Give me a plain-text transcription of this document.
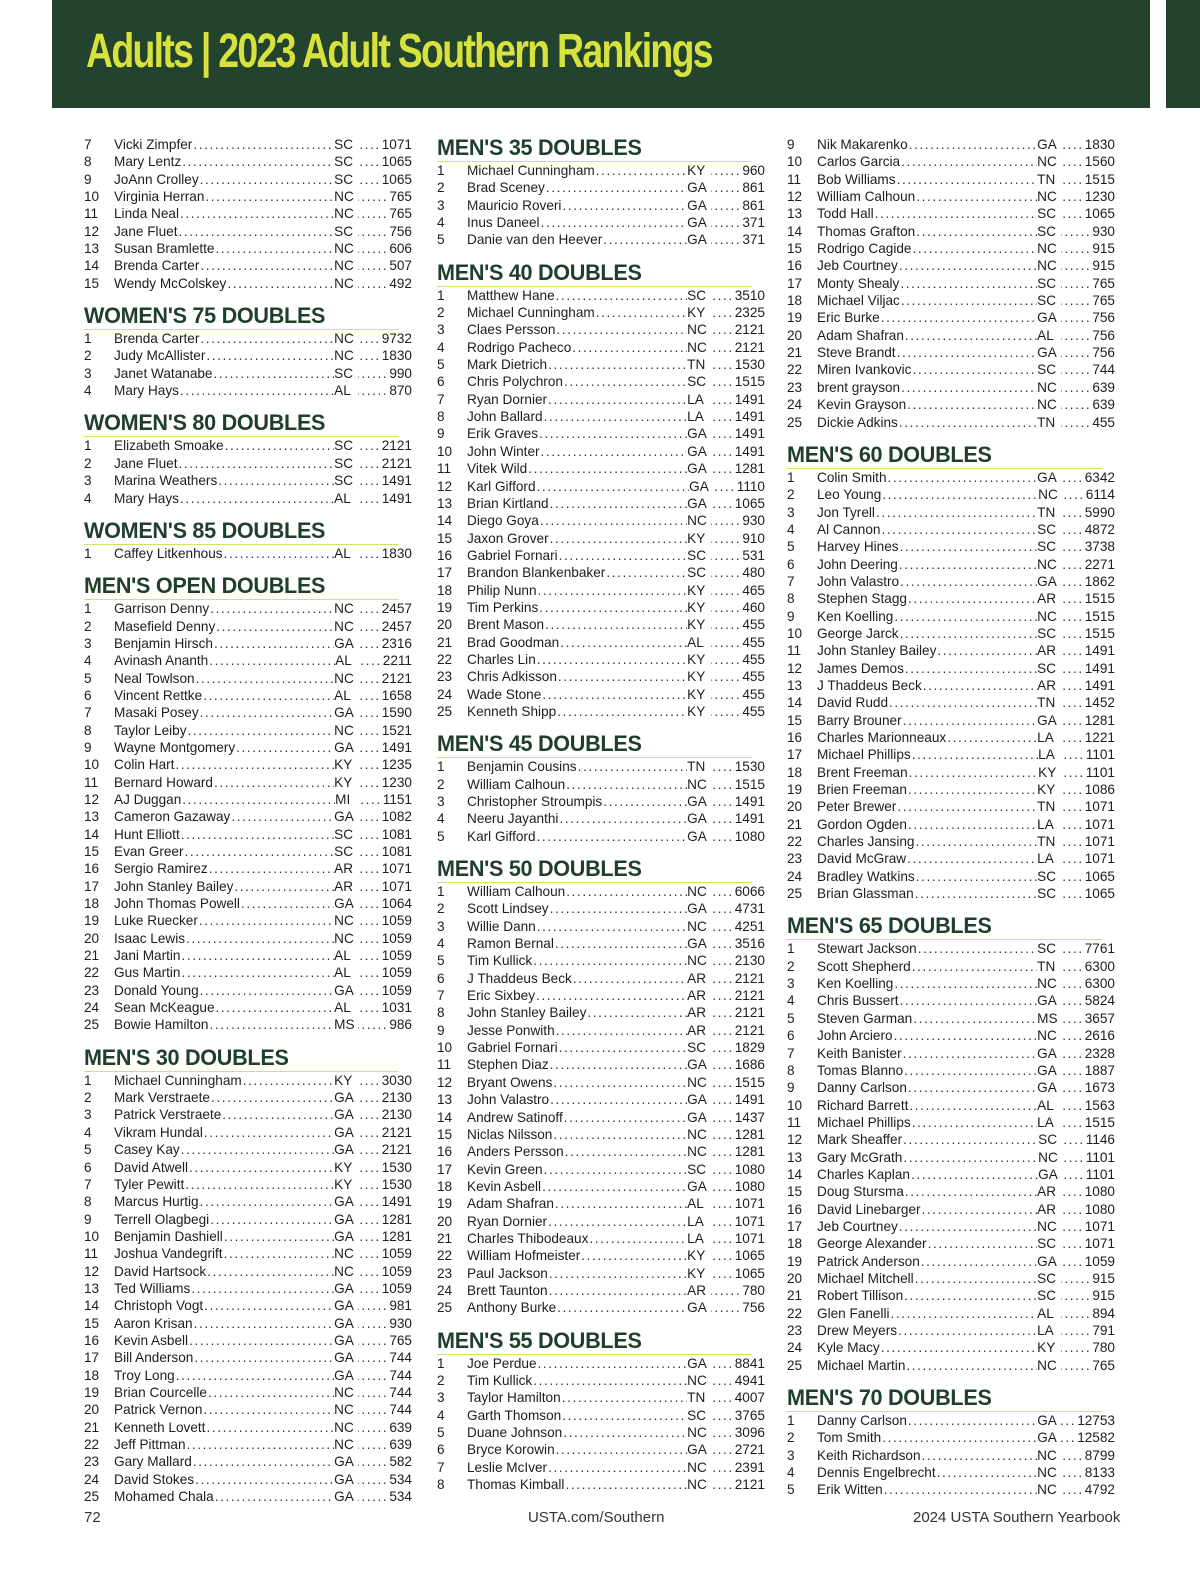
Adults | 2023 Adult Southern Rankings
7	Vicki Zimpfer .....	SC .....	1071
8	Mary Lentz .....	SC .....	1065
9	JoAnn Crolley .....	SC .....	1065
10	Virginia Herran .....	NC .....	765
11	Linda Neal .....	NC .....	765
12	Jane Fluet .....	SC .....	756
13	Susan Bramlette .....	NC .....	606
14	Brenda Carter .....	NC .....	507
15	Wendy McColskey .....	NC .....	492
WOMEN'S 75 DOUBLES
1	Brenda Carter .....	NC .....	9732
2	Judy McAllister .....	NC .....	1830
3	Janet Watanabe .....	SC .....	990
4	Mary Hays .....	AL .....	870
WOMEN'S 80 DOUBLES
1	Elizabeth Smoake .....	SC .....	2121
2	Jane Fluet .....	SC .....	2121
3	Marina Weathers .....	SC .....	1491
4	Mary Hays .....	AL .....	1491
WOMEN'S 85 DOUBLES
1	Caffey Litkenhous .....	AL .....	1830
MEN'S OPEN DOUBLES
1	Garrison Denny .....	NC .....	2457
2	Masefield Denny .....	NC .....	2457
3	Benjamin Hirsch .....	GA .....	2316
4	Avinash Ananth .....	AL .....	2211
5	Neal Towlson .....	NC .....	2121
6	Vincent Rettke .....	AL .....	1658
7	Masaki Posey .....	GA .....	1590
8	Taylor Leiby .....	NC .....	1521
9	Wayne Montgomery .....	GA .....	1491
10	Colin Hart .....	KY .....	1235
11	Bernard Howard .....	KY .....	1230
12	AJ Duggan .....	MI .....	1151
13	Cameron Gazaway .....	GA .....	1082
14	Hunt Elliott .....	SC .....	1081
15	Evan Greer .....	SC .....	1081
16	Sergio Ramirez .....	AR .....	1071
17	John Stanley Bailey .....	AR .....	1071
18	John Thomas Powell .....	GA .....	1064
19	Luke Ruecker .....	NC .....	1059
20	Isaac Lewis .....	NC .....	1059
21	Jani Martin .....	AL .....	1059
22	Gus Martin .....	AL .....	1059
23	Donald Young .....	GA .....	1059
24	Sean McKeague .....	AL .....	1031
25	Bowie Hamilton .....	MS .....	986
MEN'S 30 DOUBLES
1	Michael Cunningham .....	KY .....	3030
2	Mark Verstraete .....	GA .....	2130
3	Patrick Verstraete .....	GA .....	2130
4	Vikram Hundal .....	GA .....	2121
5	Casey Kay .....	GA .....	2121
6	David Atwell .....	KY .....	1530
7	Tyler Pewitt .....	KY .....	1530
8	Marcus Hurtig .....	GA .....	1491
9	Terrell Olagbegi .....	GA .....	1281
10	Benjamin Dashiell .....	GA .....	1281
11	Joshua Vandegrift .....	NC .....	1059
12	David Hartsock .....	NC .....	1059
13	Ted Williams .....	GA .....	1059
14	Christoph Vogt .....	GA .....	981
15	Aaron Krisan .....	GA .....	930
16	Kevin Asbell .....	GA .....	765
17	Bill Anderson .....	GA .....	744
18	Troy Long .....	GA .....	744
19	Brian Courcelle .....	NC .....	744
20	Patrick Vernon .....	NC .....	744
21	Kenneth Lovett .....	NC .....	639
22	Jeff Pittman .....	NC .....	639
23	Gary Mallard .....	GA .....	582
24	David Stokes .....	GA .....	534
25	Mohamed Chala .....	GA .....	534
MEN'S 35 DOUBLES
1	Michael Cunningham .....	KY .....	960
2	Brad Sceney .....	GA .....	861
3	Mauricio Roveri .....	GA .....	861
4	Inus Daneel .....	GA .....	371
5	Danie van den Heever .....	GA .....	371
MEN'S 40 DOUBLES
1	Matthew Hane .....	SC .....	3510
2	Michael Cunningham .....	KY .....	2325
3	Claes Persson .....	NC .....	2121
4	Rodrigo Pacheco .....	NC .....	2121
5	Mark Dietrich .....	TN .....	1530
6	Chris Polychron .....	SC .....	1515
7	Ryan Dornier .....	LA .....	1491
8	John Ballard .....	LA .....	1491
9	Erik Graves .....	GA .....	1491
10	John Winter .....	GA .....	1491
11	Vitek Wild .....	GA .....	1281
12	Karl Gifford .....	GA .....	1110
13	Brian Kirtland .....	GA .....	1065
14	Diego Goya .....	NC .....	930
15	Jaxon Grover .....	KY .....	910
16	Gabriel Fornari .....	SC .....	531
17	Brandon Blankenbaker .....	SC .....	480
18	Philip Nunn .....	KY .....	465
19	Tim Perkins .....	KY .....	460
20	Brent Mason .....	KY .....	455
21	Brad Goodman .....	AL .....	455
22	Charles Lin .....	KY .....	455
23	Chris Adkisson .....	KY .....	455
24	Wade Stone .....	KY .....	455
25	Kenneth Shipp .....	KY .....	455
MEN'S 45 DOUBLES
1	Benjamin Cousins .....	TN .....	1530
2	William Calhoun .....	NC .....	1515
3	Christopher Stroumpis .....	GA .....	1491
4	Neeru Jayanthi .....	GA .....	1491
5	Karl Gifford .....	GA .....	1080
MEN'S 50 DOUBLES
1	William Calhoun .....	NC .....	6066
2	Scott Lindsey .....	GA .....	4731
3	Willie Dann .....	NC .....	4251
4	Ramon Bernal .....	GA .....	3516
5	Tim Kullick .....	NC .....	2130
6	J Thaddeus Beck .....	AR .....	2121
7	Eric Sixbey .....	AR .....	2121
8	John Stanley Bailey .....	AR .....	2121
9	Jesse Ponwith .....	AR .....	2121
10	Gabriel Fornari .....	SC .....	1829
11	Stephen Diaz .....	GA .....	1686
12	Bryant Owens .....	NC .....	1515
13	John Valastro .....	GA .....	1491
14	Andrew Satinoff .....	GA .....	1437
15	Niclas Nilsson .....	NC .....	1281
16	Anders Persson .....	NC .....	1281
17	Kevin Green .....	SC .....	1080
18	Kevin Asbell .....	GA .....	1080
19	Adam Shafran .....	AL .....	1071
20	Ryan Dornier .....	LA .....	1071
21	Charles Thibodeaux .....	LA .....	1071
22	William Hofmeister .....	KY .....	1065
23	Paul Jackson .....	KY .....	1065
24	Brett Taunton .....	AR .....	780
25	Anthony Burke .....	GA .....	756
MEN'S 55 DOUBLES
1	Joe Perdue .....	GA .....	8841
2	Tim Kullick .....	NC .....	4941
3	Taylor Hamilton .....	TN .....	4007
4	Garth Thomson .....	SC .....	3765
5	Duane Johnson .....	NC .....	3096
6	Bryce Korowin .....	GA .....	2721
7	Leslie McIver .....	NC .....	2391
8	Thomas Kimball .....	NC .....	2121
9	Nik Makarenko .....	GA .....	1830
10	Carlos Garcia .....	NC .....	1560
11	Bob Williams .....	TN .....	1515
12	William Calhoun .....	NC .....	1230
13	Todd Hall .....	SC .....	1065
14	Thomas Grafton .....	SC .....	930
15	Rodrigo Cagide .....	NC .....	915
16	Jeb Courtney .....	NC .....	915
17	Monty Shealy .....	SC .....	765
18	Michael Viljac .....	SC .....	765
19	Eric Burke .....	GA .....	756
20	Adam Shafran .....	AL .....	756
21	Steve Brandt .....	GA .....	756
22	Miren Ivankovic .....	SC .....	744
23	brent grayson .....	NC .....	639
24	Kevin Grayson .....	NC .....	639
25	Dickie Adkins .....	TN .....	455
MEN'S 60 DOUBLES
1	Colin Smith .....	GA .....	6342
2	Leo Young .....	NC .....	6114
3	Jon Tyrell .....	TN .....	5990
4	Al Cannon .....	SC .....	4872
5	Harvey Hines .....	SC .....	3738
6	John Deering .....	NC .....	2271
7	John Valastro .....	GA .....	1862
8	Stephen Stagg .....	AR .....	1515
9	Ken Koelling .....	NC .....	1515
10	George Jarck .....	SC .....	1515
11	John Stanley Bailey .....	AR .....	1491
12	James Demos .....	SC .....	1491
13	J Thaddeus Beck .....	AR .....	1491
14	David Rudd .....	TN .....	1452
15	Barry Brouner .....	GA .....	1281
16	Charles Marionneaux .....	LA .....	1221
17	Michael Phillips .....	LA .....	1101
18	Brent Freeman .....	KY .....	1101
19	Brien Freeman .....	KY .....	1086
20	Peter Brewer .....	TN .....	1071
21	Gordon Ogden .....	LA .....	1071
22	Charles Jansing .....	TN .....	1071
23	David McGraw .....	LA .....	1071
24	Bradley Watkins .....	SC .....	1065
25	Brian Glassman .....	SC .....	1065
MEN'S 65 DOUBLES
1	Stewart Jackson .....	SC .....	7761
2	Scott Shepherd .....	TN .....	6300
3	Ken Koelling .....	NC .....	6300
4	Chris Bussert .....	GA .....	5824
5	Steven Garman .....	MS ..... 3657
6	John Arciero .....	NC .....	2616
7	Keith Banister .....	GA .....	2328
8	Tomas Blanno .....	GA .....	1887
9	Danny Carlson .....	GA .....	1673
10	Richard Barrett .....	AL .....	1563
11	Michael Phillips .....	LA .....	1515
12	Mark Sheaffer .....	SC .....	1146
13	Gary McGrath .....	NC .....	1101
14	Charles Kaplan .....	GA .....	1101
15	Doug Stursma .....	AR .....	1080
16	David Linebarger .....	AR .....	1080
17	Jeb Courtney .....	NC .....	1071
18	George Alexander .....	SC .....	1071
19	Patrick Anderson .....	GA .....	1059
20	Michael Mitchell .....	SC .....	915
21	Robert Tillison .....	SC .....	915
22	Glen Fanelli .....	AL .....	894
23	Drew Meyers .....	LA .....	791
24	Kyle Macy .....	KY .....	780
25	Michael Martin .....	NC .....	765
MEN'S 70 DOUBLES
1	Danny Carlson .....	GA .....	12753
2	Tom Smith .....	GA .....	12582
3	Keith Richardson .....	NC .....	8799
4	Dennis Engelbrecht .....	NC .....	8133
5	Erik Witten .....	NC .....	4792
72	USTA.com/Southern	2024 USTA Southern Yearbook
